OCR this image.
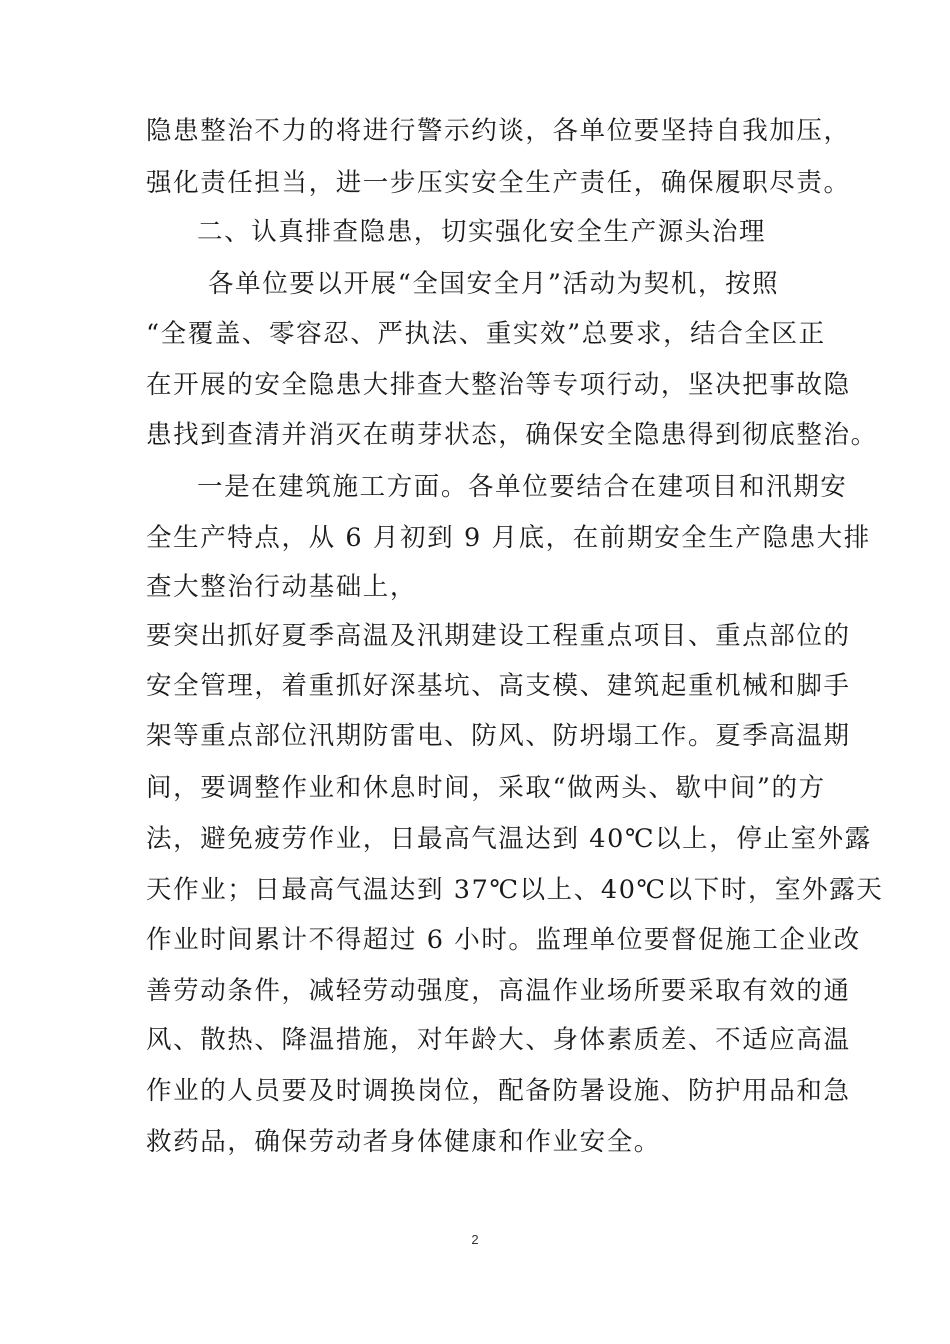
隐患整治不力的将进行警示约谈，各单位要坚持自我加压，

强化责任担当，进一步压实安全生产责任，确保履职尽责。

二、认真排查隐患，切实强化安全生产源头治理

各单位要以开展“全国安全月”活动为契机，按照

“全覆盖、零容忍、严执法、重实效”总要求，结合全区正

在开展的安全隐患大排查大整治等专项行动，坚决把事故隐

患找到查清并消灭在萌芽状态，确保安全隐患得到彻底整治。

一是在建筑施工方面。各单位要结合在建项目和汛期安

全生产特点，从 6 月初到 9 月底，在前期安全生产隐患大排

查大整治行动基础上，

要突出抓好夏季高温及汛期建设工程重点项目、重点部位的

安全管理，着重抓好深基坑、高支模、建筑起重机械和脚手

架等重点部位汛期防雷电、防风、防坍塌工作。夏季高温期

间，要调整作业和休息时间，采取“做两头、歇中间”的方

法，避免疲劳作业，日最高气温达到 40℃以上，停止室外露

天作业；日最高气温达到 37℃以上、40℃以下时，室外露天

作业时间累计不得超过 6 小时。监理单位要督促施工企业改

善劳动条件，减轻劳动强度，高温作业场所要采取有效的通

风、散热、降温措施，对年龄大、身体素质差、不适应高温

作业的人员要及时调换岗位，配备防暑设施、防护用品和急

救药品，确保劳动者身体健康和作业安全。

2
